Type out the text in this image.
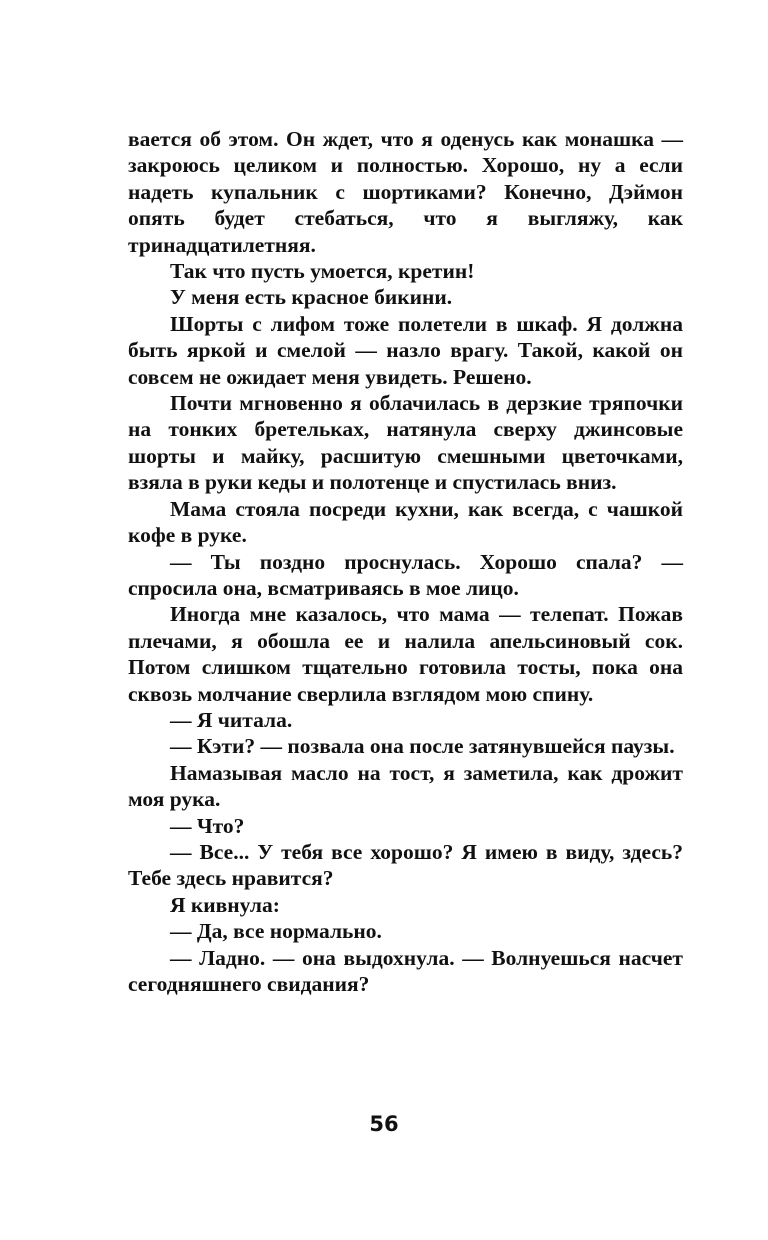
вается об этом. Он ждет, что я оденусь как монашка — закроюсь целиком и полностью. Хорошо, ну а если надеть купальник с шортиками? Конечно, Дэймон опять будет стебаться, что я выгляжу, как тринадцатилетняя.

Так что пусть умоется, кретин!

У меня есть красное бикини.

Шорты с лифом тоже полетели в шкаф. Я должна быть яркой и смелой — назло врагу. Такой, какой он совсем не ожидает меня увидеть. Решено.

Почти мгновенно я облачилась в дерзкие тряпочки на тонких бретельках, натянула сверху джинсовые шорты и майку, расшитую смешными цветочками, взяла в руки кеды и полотенце и спустилась вниз.

Мама стояла посреди кухни, как всегда, с чашкой кофе в руке.

— Ты поздно проснулась. Хорошо спала? — спросила она, всматриваясь в мое лицо.

Иногда мне казалось, что мама — телепат. Пожав плечами, я обошла ее и налила апельсиновый сок. Потом слишком тщательно готовила тосты, пока она сквозь молчание сверлила взглядом мою спину.

— Я читала.

— Кэти? — позвала она после затянувшейся паузы.

Намазывая масло на тост, я заметила, как дрожит моя рука.

— Что?

— Все... У тебя все хорошо? Я имею в виду, здесь? Тебе здесь нравится?

Я кивнула:

— Да, все нормально.

— Ладно. — она выдохнула. — Волнуешься насчет сегодняшнего свидания?

56
